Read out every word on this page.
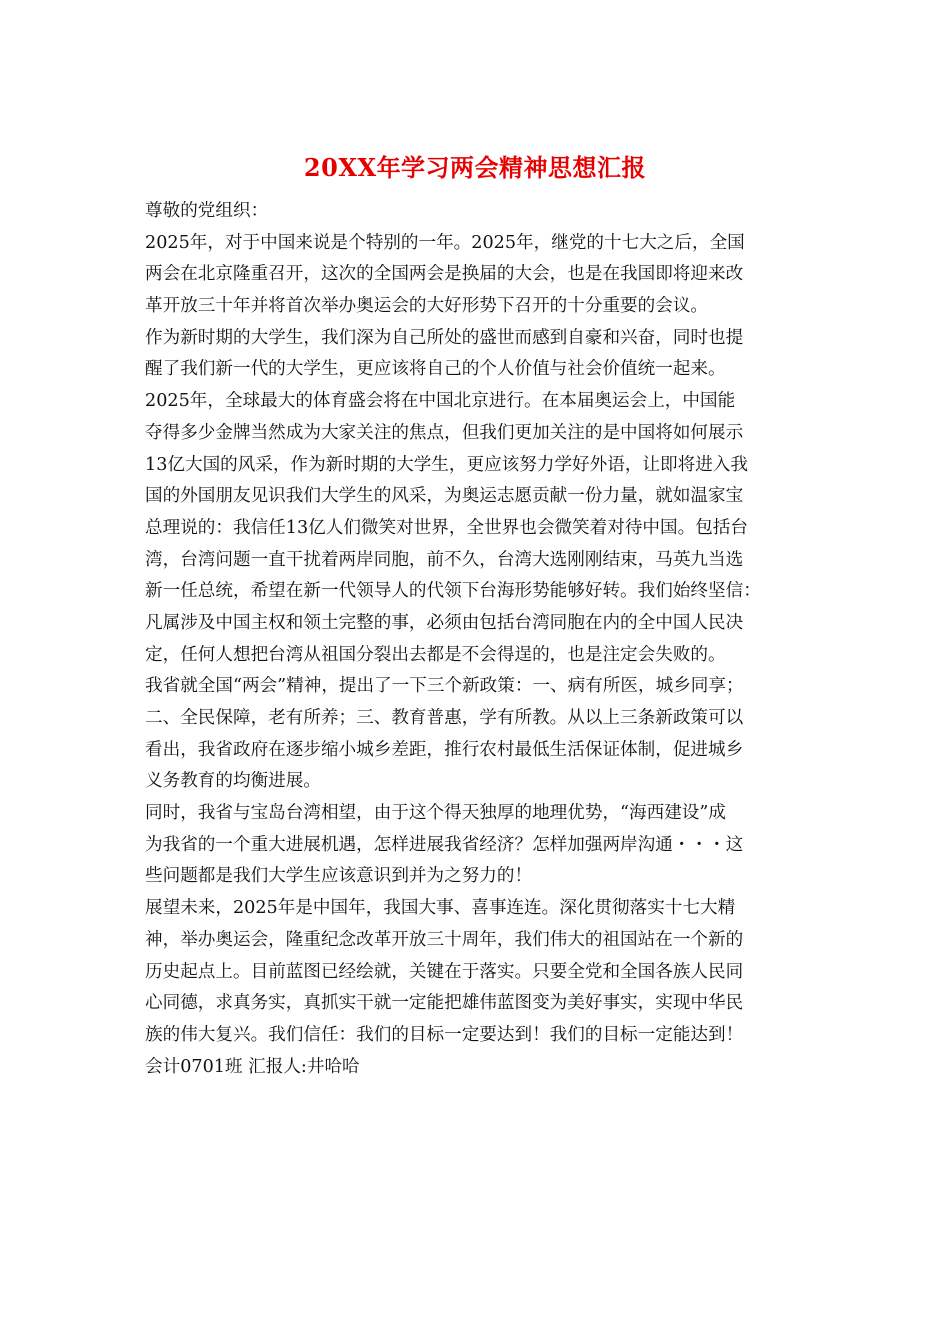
20XX年学习两会精神思想汇报
尊敬的党组织：
2025年，对于中国来说是个特别的一年。2025年，继党的十七大之后，全国
两会在北京隆重召开，这次的全国两会是换届的大会，也是在我国即将迎来改
革开放三十年并将首次举办奥运会的大好形势下召开的十分重要的会议。
作为新时期的大学生，我们深为自己所处的盛世而感到自豪和兴奋，同时也提
醒了我们新一代的大学生，更应该将自己的个人价值与社会价值统一起来。
2025年，全球最大的体育盛会将在中国北京进行。在本届奥运会上，中国能
夺得多少金牌当然成为大家关注的焦点，但我们更加关注的是中国将如何展示
13亿大国的风采，作为新时期的大学生，更应该努力学好外语，让即将进入我
国的外国朋友见识我们大学生的风采，为奥运志愿贡献一份力量，就如温家宝
总理说的：我信任13亿人们微笑对世界，全世界也会微笑着对待中国。包括台
湾，台湾问题一直干扰着两岸同胞，前不久，台湾大选刚刚结束，马英九当选
新一任总统，希望在新一代领导人的代领下台海形势能够好转。我们始终坚信：
凡属涉及中国主权和领土完整的事，必须由包括台湾同胞在内的全中国人民决
定，任何人想把台湾从祖国分裂出去都是不会得逞的，也是注定会失败的。
我省就全国“两会”精神，提出了一下三个新政策：一、病有所医，城乡同享；
二、全民保障，老有所养；三、教育普惠，学有所教。从以上三条新政策可以
看出，我省政府在逐步缩小城乡差距，推行农村最低生活保证体制，促进城乡
义务教育的均衡进展。
同时，我省与宝岛台湾相望，由于这个得天独厚的地理优势，“海西建设”成
为我省的一个重大进展机遇，怎样进展我省经济？怎样加强两岸沟通・・・这
些问题都是我们大学生应该意识到并为之努力的！
展望未来，2025年是中国年，我国大事、喜事连连。深化贯彻落实十七大精
神，举办奥运会，隆重纪念改革开放三十周年，我们伟大的祖国站在一个新的
历史起点上。目前蓝图已经绘就，关键在于落实。只要全党和全国各族人民同
心同德，求真务实，真抓实干就一定能把雄伟蓝图变为美好事实，实现中华民
族的伟大复兴。我们信任：我们的目标一定要达到！我们的目标一定能达到！
会计0701班 汇报人:井哈哈
